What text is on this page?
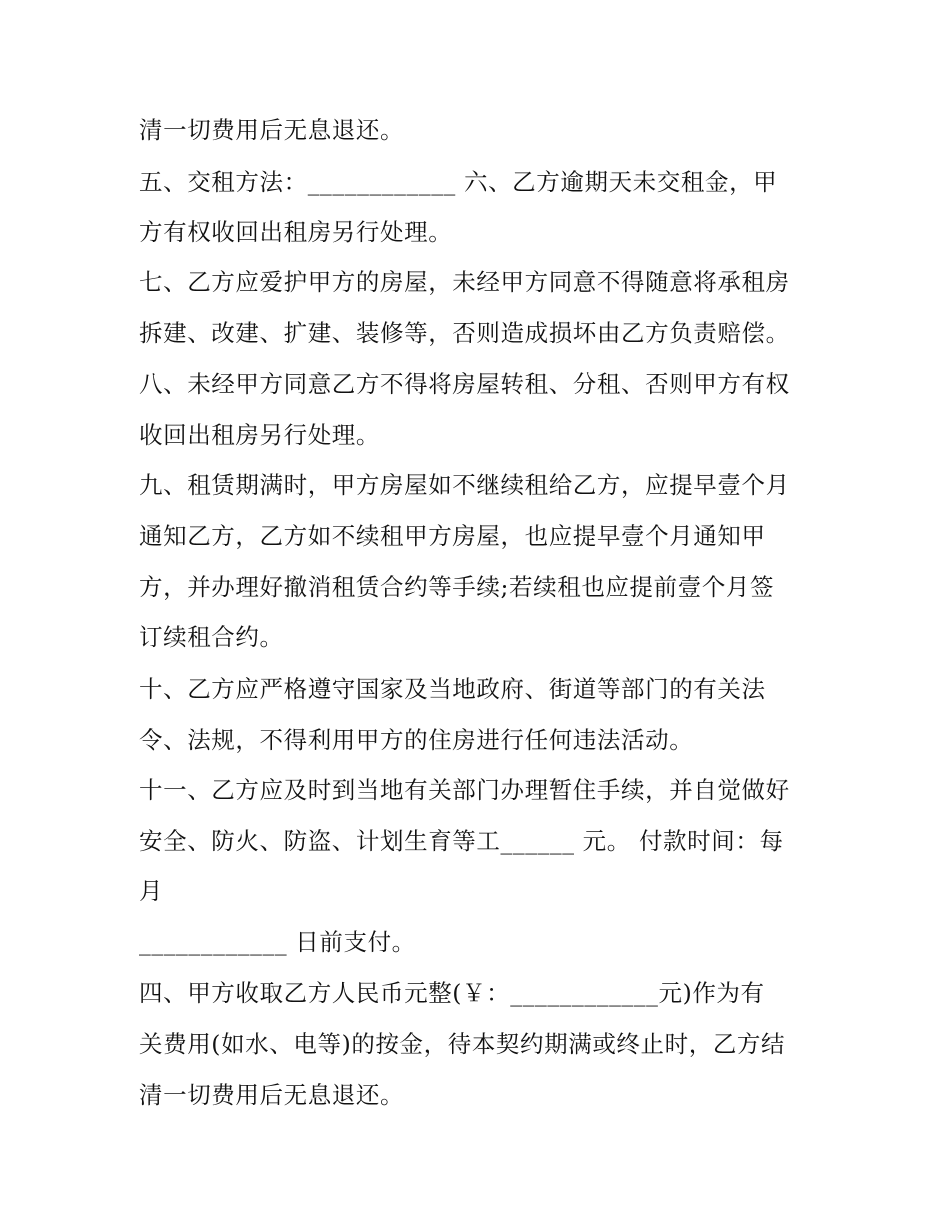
清一切费用后无息退还。
五、交租方法：____________ 六、乙方逾期天未交租金，甲
方有权收回出租房另行处理。
七、乙方应爱护甲方的房屋，未经甲方同意不得随意将承租房
拆建、改建、扩建、装修等，否则造成损坏由乙方负责赔偿。
八、未经甲方同意乙方不得将房屋转租、分租、否则甲方有权
收回出租房另行处理。
九、租赁期满时，甲方房屋如不继续租给乙方，应提早壹个月
通知乙方，乙方如不续租甲方房屋，也应提早壹个月通知甲
方，并办理好撤消租赁合约等手续;若续租也应提前壹个月签
订续租合约。
十、乙方应严格遵守国家及当地政府、街道等部门的有关法
令、法规，不得利用甲方的住房进行任何违法活动。
十一、乙方应及时到当地有关部门办理暂住手续，并自觉做好
安全、防火、防盗、计划生育等工______ 元。 付款时间：每
月
____________ 日前支付。
四、甲方收取乙方人民币元整(￥：____________元)作为有
关费用(如水、电等)的按金，待本契约期满或终止时，乙方结
清一切费用后无息退还。
